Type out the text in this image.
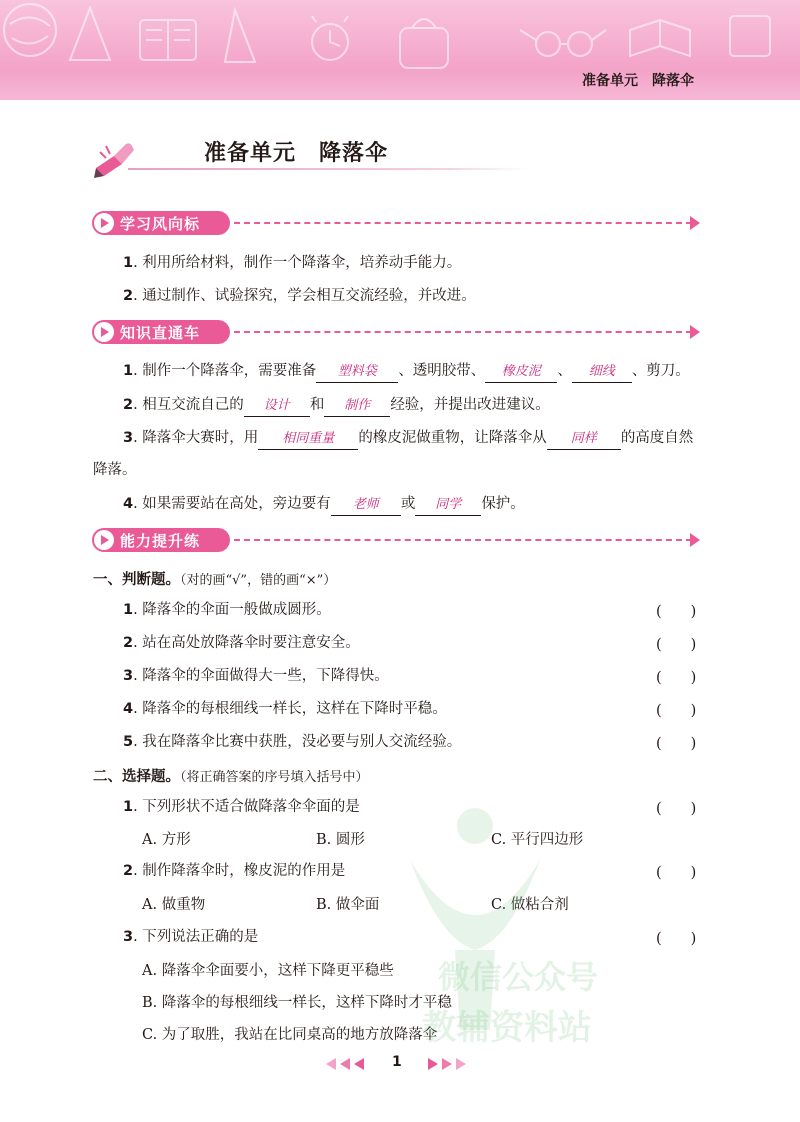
准备单元　降落伞
准备单元　降落伞
学习风向标
1. 利用所给材料，制作一个降落伞，培养动手能力。
2. 通过制作、试验探究，学会相互交流经验，并改进。
知识直通车
1. 制作一个降落伞，需要准备 塑料袋 、透明胶带、 橡皮泥 、 细线 、剪刀。
2. 相互交流自己的 设计 和 制作 经验，并提出改进建议。
3. 降落伞大赛时，用 相同重量 的橡皮泥做重物，让降落伞从 同样 的高度自然
降落。
4. 如果需要站在高处，旁边要有 老师 或 同学 保护。
能力提升练
一、判断题。（对的画“√”，错的画“×”）
1. 降落伞的伞面一般做成圆形。	(　　)
2. 站在高处放降落伞时要注意安全。	(　　)
3. 降落伞的伞面做得大一些，下降得快。	(　　)
4. 降落伞的每根细线一样长，这样在下降时平稳。	(　　)
5. 我在降落伞比赛中获胜，没必要与别人交流经验。	(　　)
二、选择题。（将正确答案的序号填入括号中）
1. 下列形状不适合做降落伞伞面的是	(　　)
A. 方形	B. 圆形	C. 平行四边形
2. 制作降落伞时，橡皮泥的作用是	(　　)
A. 做重物	B. 做伞面	C. 做粘合剂
3. 下列说法正确的是	(　　)
A. 降落伞伞面要小，这样下降更平稳些
B. 降落伞的每根细线一样长，这样下降时才平稳
C. 为了取胜，我站在比同桌高的地方放降落伞
微信公众号
教辅资料站
1
